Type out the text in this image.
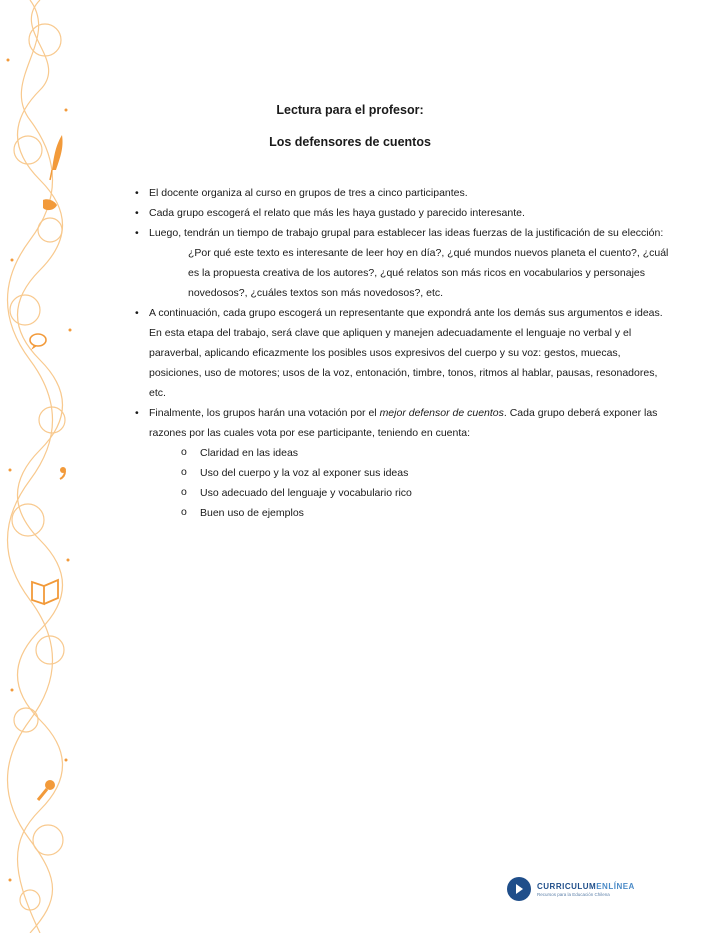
Lectura para el profesor:

Los defensores de cuentos

• El docente organiza al curso en grupos de tres a cinco participantes.
• Cada grupo escogerá el relato que más les haya gustado y parecido interesante.
• Luego, tendrán un tiempo de trabajo grupal para establecer las ideas fuerzas de la justificación de su elección:
¿Por qué este texto es interesante de leer hoy en día?, ¿qué mundos nuevos planeta el cuento?, ¿cuál es la propuesta creativa de los autores?, ¿qué relatos son más ricos en vocabularios y personajes novedosos?, ¿cuáles textos son más novedosos?, etc.
• A continuación, cada grupo escogerá un representante que expondrá ante los demás sus argumentos e ideas. En esta etapa del trabajo, será clave que apliquen y manejen adecuadamente el lenguaje no verbal y el paraverbal, aplicando eficazmente los posibles usos expresivos del cuerpo y su voz: gestos, muecas, posiciones, uso de motores; usos de la voz, entonación, timbre, tonos, ritmos al hablar, pausas, resonadores, etc.
• Finalmente, los grupos harán una votación por el mejor defensor de cuentos. Cada grupo deberá exponer las razones por las cuales vota por ese participante, teniendo en cuenta:
o Claridad en las ideas
o Uso del cuerpo y la voz al exponer sus ideas
o Uso adecuado del lenguaje y vocabulario rico
o Buen uso de ejemplos
CURRICULUMENLÍNEA
Recursos para la Educación Chilena
